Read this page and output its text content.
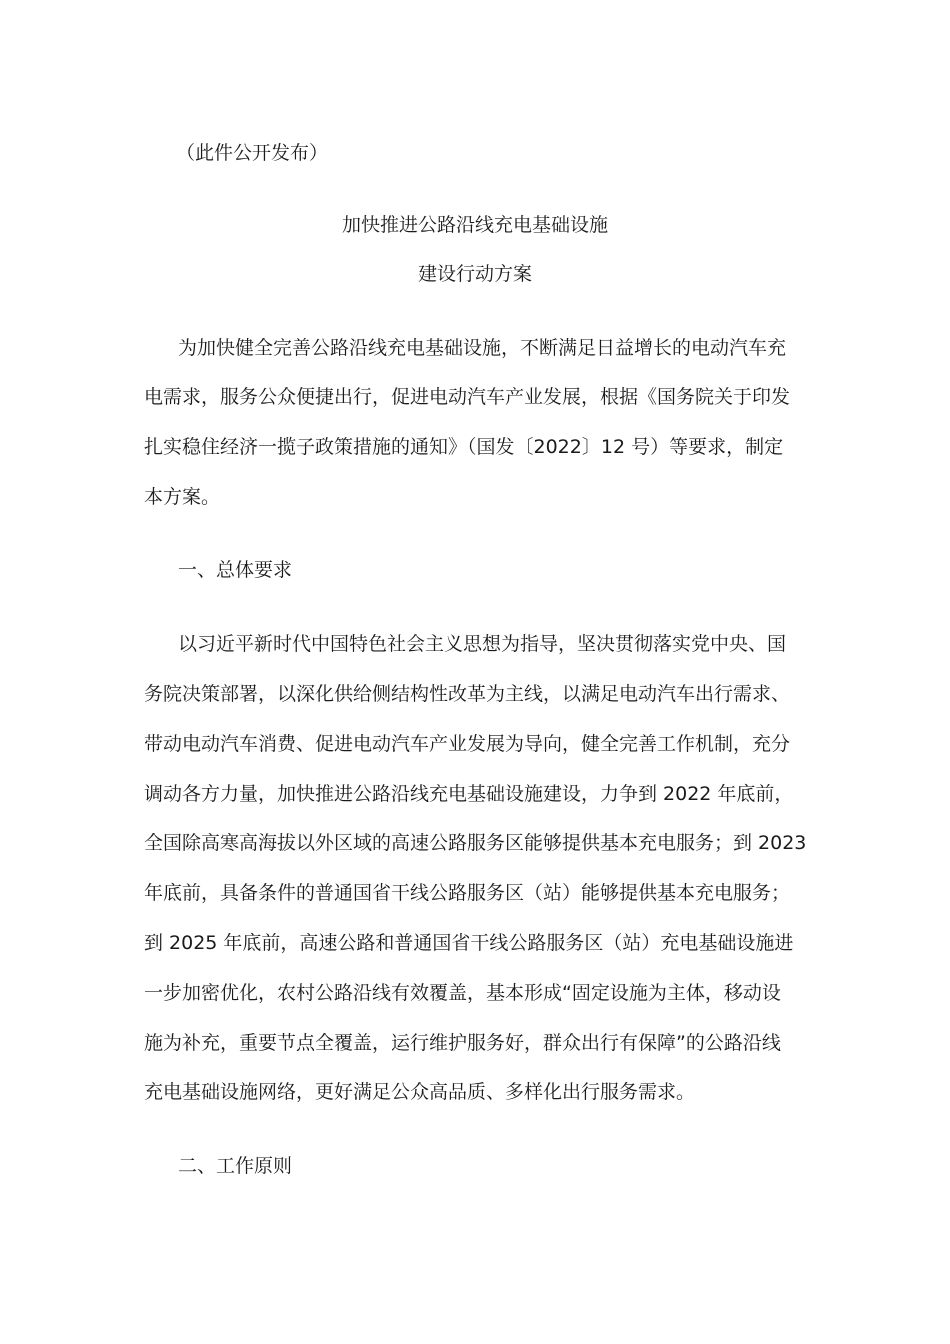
（此件公开发布）

加快推进公路沿线充电基础设施

建设行动方案

为加快健全完善公路沿线充电基础设施，不断满足日益增长的电动汽车充

电需求，服务公众便捷出行，促进电动汽车产业发展，根据《国务院关于印发

扎实稳住经济一揽子政策措施的通知》（国发〔2022〕12 号）等要求，制定

本方案。

一、总体要求

以习近平新时代中国特色社会主义思想为指导，坚决贯彻落实党中央、国

务院决策部署，以深化供给侧结构性改革为主线，以满足电动汽车出行需求、

带动电动汽车消费、促进电动汽车产业发展为导向，健全完善工作机制，充分

调动各方力量，加快推进公路沿线充电基础设施建设，力争到 2022 年底前，

全国除高寒高海拔以外区域的高速公路服务区能够提供基本充电服务；到 2023

年底前，具备条件的普通国省干线公路服务区（站）能够提供基本充电服务；

到 2025 年底前，高速公路和普通国省干线公路服务区（站）充电基础设施进

一步加密优化，农村公路沿线有效覆盖，基本形成“固定设施为主体，移动设

施为补充，重要节点全覆盖，运行维护服务好，群众出行有保障”的公路沿线

充电基础设施网络，更好满足公众高品质、多样化出行服务需求。

二、工作原则
